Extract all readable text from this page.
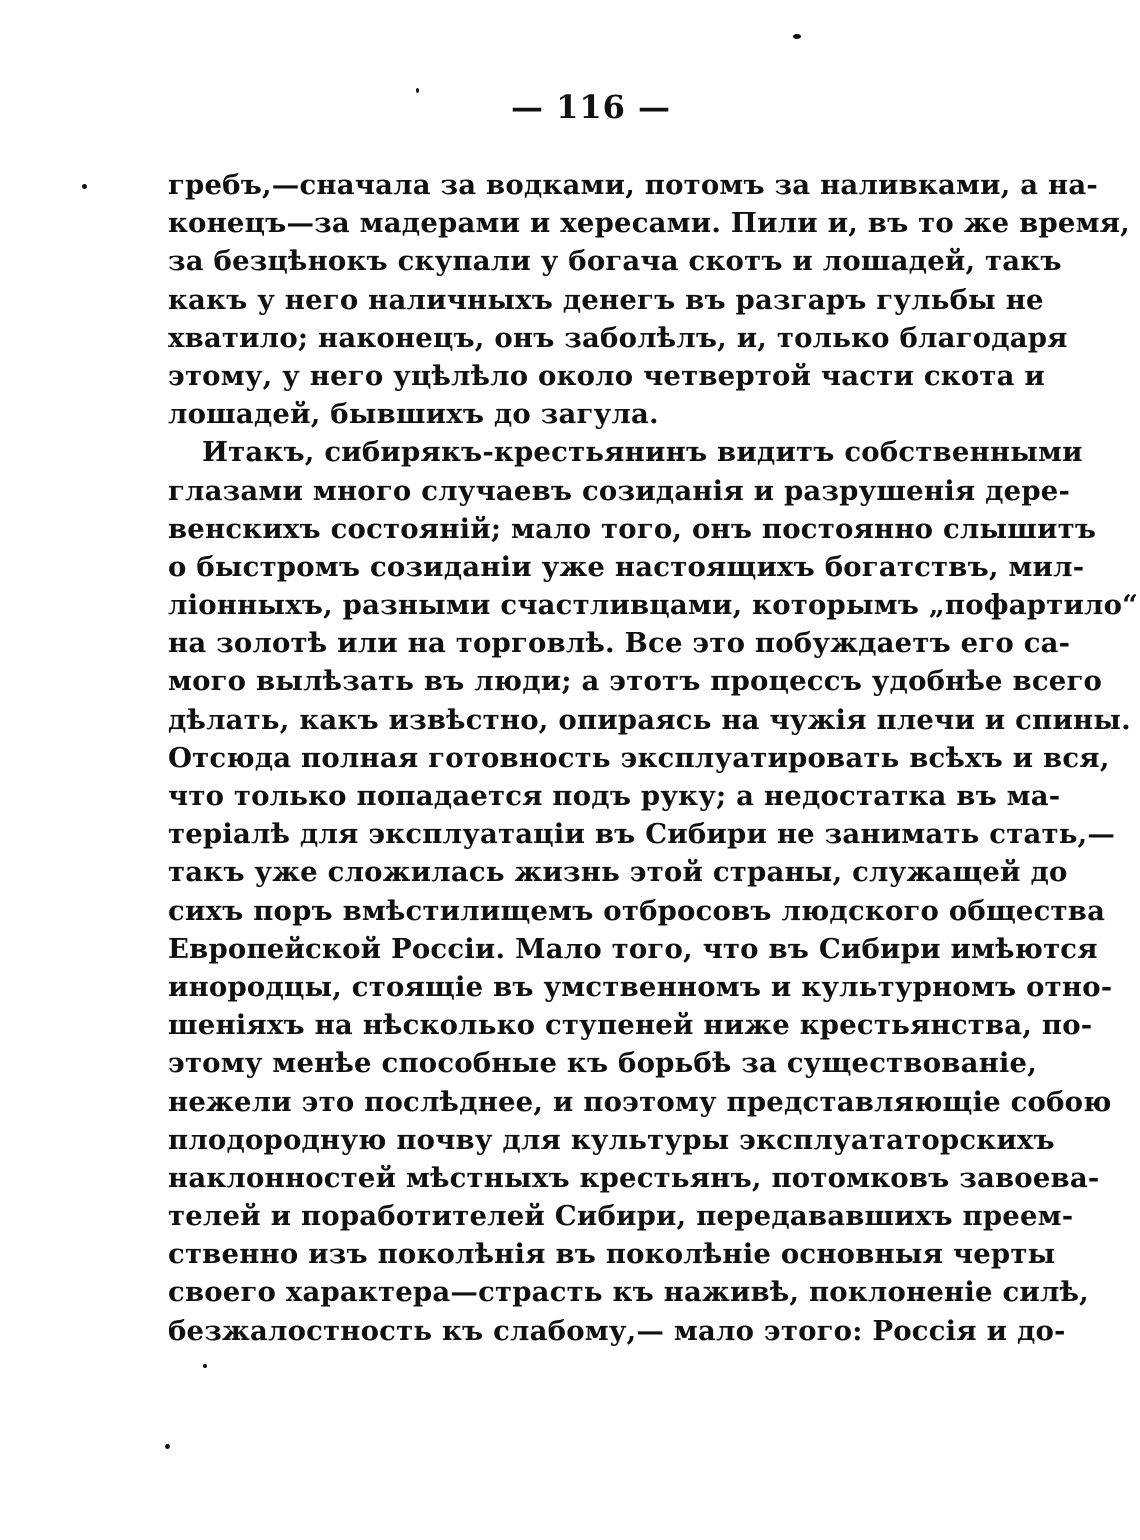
— 116 —
гребъ,—сначала за водками, потомъ за наливками, а на-
конецъ—за мадерами и хересами. Пили и, въ то же время,
за безцѣнокъ скупали у богача скотъ и лошадей, такъ
какъ у него наличныхъ денегъ въ разгаръ гульбы не
хватило; наконецъ, онъ заболѣлъ, и, только благодаря
этому, у него уцѣлѣло около четвертой части скота и
лошадей, бывшихъ до загула.
Итакъ, сибирякъ-крестьянинъ видитъ собственными
глазами много случаевъ созиданія и разрушенія дере-
венскихъ состояній; мало того, онъ постоянно слышитъ
о быстромъ созиданіи уже настоящихъ богатствъ, мил-
ліонныхъ, разными счастливцами, которымъ „пофартило“
на золотѣ или на торговлѣ. Все это побуждаетъ его са-
мого вылѣзать въ люди; а этотъ процессъ удобнѣе всего
дѣлать, какъ извѣстно, опираясь на чужія плечи и спины.
Отсюда полная готовность эксплуатировать всѣхъ и вся,
что только попадается подъ руку; а недостатка въ ма-
теріалѣ для эксплуатаціи въ Сибири не занимать стать,—
такъ уже сложилась жизнь этой страны, служащей до
сихъ поръ вмѣстилищемъ отбросовъ людского общества
Европейской Россіи. Мало того, что въ Сибири имѣются
инородцы, стоящіе въ умственномъ и культурномъ отно-
шеніяхъ на нѣсколько ступеней ниже крестьянства, по-
этому менѣе способные къ борьбѣ за существованіе,
нежели это послѣднее, и поэтому представляющіе собою
плодородную почву для культуры эксплуататорскихъ
наклонностей мѣстныхъ крестьянъ, потомковъ завоева-
телей и поработителей Сибири, передававшихъ преем-
ственно изъ поколѣнія въ поколѣніе основныя черты
своего характера—страсть къ наживѣ, поклоненіе силѣ,
безжалостность къ слабому,— мало этого: Россія и до-
